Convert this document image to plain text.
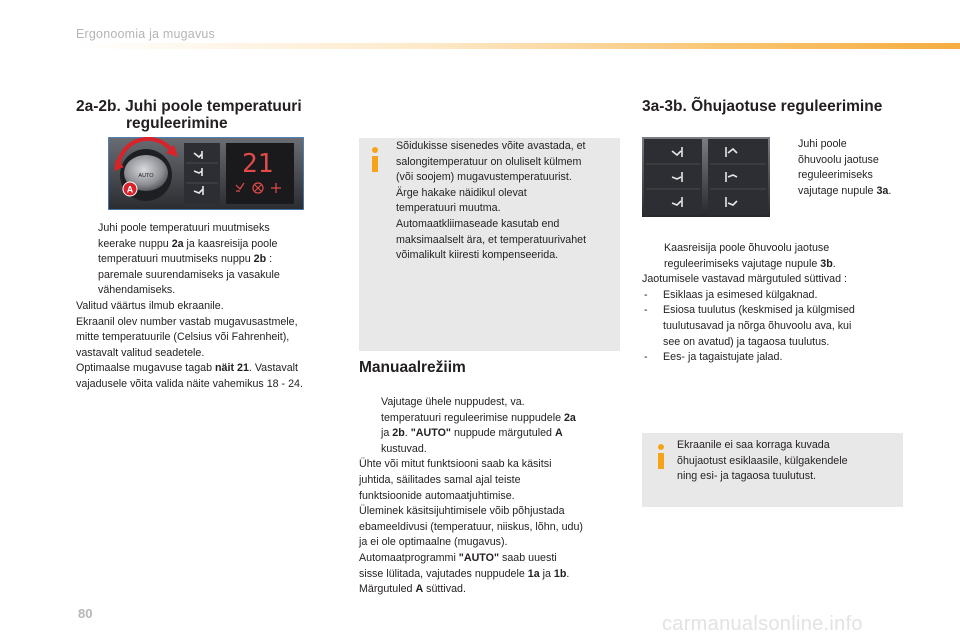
Ergonoomia ja mugavus
2a-2b. Juhi poole temperatuuri
reguleerimine
AUTO
A
21
Juhi poole temperatuuri muutmiseks
keerake nuppu 2a ja kaasreisija poole
temperatuuri muutmiseks nuppu 2b :
paremale suurendamiseks ja vasakule
vähendamiseks.
Valitud väärtus ilmub ekraanile.
Ekraanil olev number vastab mugavusastmele,
mitte temperatuurile (Celsius või Fahrenheit),
vastavalt valitud seadetele.
Optimaalse mugavuse tagab näit 21. Vastavalt
vajadusele võita valida näite vahemikus 18 - 24.
Sõidukisse sisenedes võite avastada, et
salongitemperatuur on oluliselt külmem
(või soojem) mugavustemperatuurist.
Ärge hakake näidikul olevat
temperatuuri muutma.
Automaatkliimaseade kasutab end
maksimaalselt ära, et temperatuurivahet
võimalikult kiiresti kompenseerida.
Manuaalrežiim
Vajutage ühele nuppudest, va.
temperatuuri reguleerimise nuppudele 2a
ja 2b. "AUTO" nuppude märgutuled A
kustuvad.
Ühte või mitut funktsiooni saab ka käsitsi
juhtida, säilitades samal ajal teiste
funktsioonide automaatjuhtimise.
Üleminek käsitsijuhtimisele võib põhjustada
ebameeldivusi (temperatuur, niiskus, lõhn, udu)
ja ei ole optimaalne (mugavus).
Automaatprogrammi "AUTO" saab uuesti
sisse lülitada, vajutades nuppudele 1a ja 1b.
Märgutuled A süttivad.
3a-3b. Õhujaotuse reguleerimine
Juhi poole
õhuvoolu jaotuse
reguleerimiseks
vajutage nupule 3a.
Kaasreisija poole õhuvoolu jaotuse
reguleerimiseks vajutage nupule 3b.
Jaotumisele vastavad märgutuled süttivad :
- Esiklaas ja esimesed külgaknad.
- Esiosa tuulutus (keskmised ja külgmised
tuulutusavad ja nõrga õhuvoolu ava, kui
see on avatud) ja tagaosa tuulutus.
- Ees- ja tagaistujate jalad.
Ekraanile ei saa korraga kuvada
õhujaotust esiklaasile, külgakendele
ning esi- ja tagaosa tuulutust.
80	carmanualsonline.info
